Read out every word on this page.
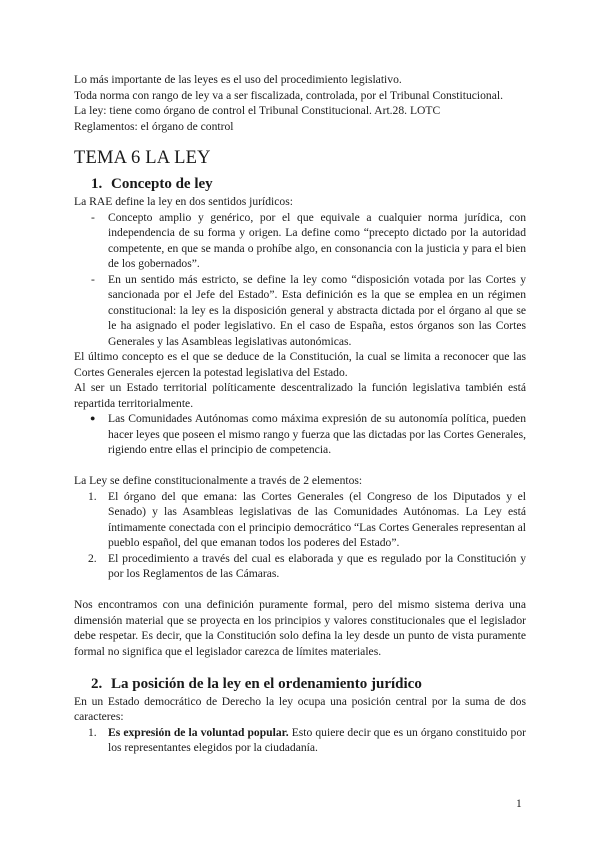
Lo más importante de las leyes es el uso del procedimiento legislativo.

Toda norma con rango de ley va a ser fiscalizada, controlada, por el Tribunal Constitucional.

La ley: tiene como órgano de control el Tribunal Constitucional. Art.28. LOTC

Reglamentos: el órgano de control

TEMA 6 LA LEY
1. Concepto de ley

La RAE define la ley en dos sentidos jurídicos:

- Concepto amplio y genérico, por el que equivale a cualquier norma jurídica, con independencia de su forma y origen. La define como “precepto dictado por la autoridad competente, en que se manda o prohíbe algo, en consonancia con la justicia y para el bien de los gobernados”.
- En un sentido más estricto, se define la ley como “disposición votada por las Cortes y sancionada por el Jefe del Estado”. Esta definición es la que se emplea en un régimen constitucional: la ley es la disposición general y abstracta dictada por el órgano al que se le ha asignado el poder legislativo. En el caso de España, estos órganos son las Cortes Generales y las Asambleas legislativas autonómicas.

El último concepto es el que se deduce de la Constitución, la cual se limita a reconocer que las Cortes Generales ejercen la potestad legislativa del Estado.

Al ser un Estado territorial políticamente descentralizado la función legislativa también está repartida territorialmente.

● Las Comunidades Autónomas como máxima expresión de su autonomía política, pueden hacer leyes que poseen el mismo rango y fuerza que las dictadas por las Cortes Generales, rigiendo entre ellas el principio de competencia.

La Ley se define constitucionalmente a través de 2 elementos:

1. El órgano del que emana: las Cortes Generales (el Congreso de los Diputados y el Senado) y las Asambleas legislativas de las Comunidades Autónomas. La Ley está íntimamente conectada con el principio democrático “Las Cortes Generales representan al pueblo español, del que emanan todos los poderes del Estado”.
2. El procedimiento a través del cual es elaborada y que es regulado por la Constitución y por los Reglamentos de las Cámaras.

Nos encontramos con una definición puramente formal, pero del mismo sistema deriva una dimensión material que se proyecta en los principios y valores constitucionales que el legislador debe respetar. Es decir, que la Constitución solo defina la ley desde un punto de vista puramente formal no significa que el legislador carezca de límites materiales.

2. La posición de la ley en el ordenamiento jurídico

En un Estado democrático de Derecho la ley ocupa una posición central por la suma de dos caracteres:

1. Es expresión de la voluntad popular. Esto quiere decir que es un órgano constituido por los representantes elegidos por la ciudadanía.
1
